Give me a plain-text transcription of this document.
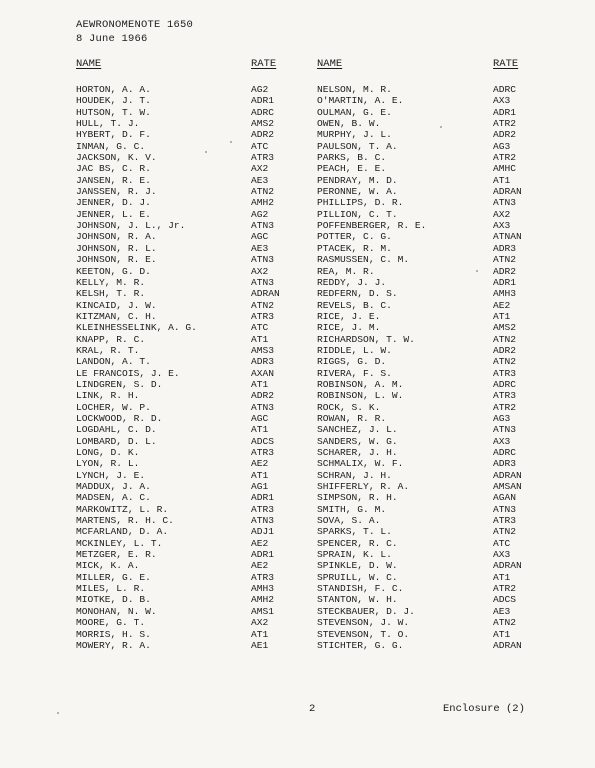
AEWRONOMENOTE 1650
8 June 1966
NAME	RATE	NAME	RATE
HORTON, A. A.	AG2	NELSON, M. R.	ADRC
HOUDEK, J. T.	ADR1	O'MARTIN, A. E.	AX3
HUTSON, T. W.	ADRC	OULMAN, G. E.	ADR1
HULL, T. J.	AMS2	OWEN, B. W.	ATR2
HYBERT, D. F.	ADR2	MURPHY, J. L.	ADR2
INMAN, G. C.	ATC	PAULSON, T. A.	AG3
JACKSON, K. V.	ATR3	PARKS, B. C.	ATR2
JAC BS, C. R.	AX2	PEACH, E. E.	AMHC
JANSEN, R. E.	AE3	PENDRAY, M. D.	AT1
JANSSEN, R. J.	ATN2	PERONNE, W. A.	ADRAN
JENNER, D. J.	AMH2	PHILLIPS, D. R.	ATN3
JENNER, L. E.	AG2	PILLION, C. T.	AX2
JOHNSON, J. L., Jr.	ATN3	POFFENBERGER, R. E.	AX3
JOHNSON, R. A.	AGC	POTTER, C. G.	ATNAN
JOHNSON, R. L.	AE3	PTACEK, R. M.	ADR3
JOHNSON, R. E.	ATN3	RASMUSSEN, C. M.	ATN2
KEETON, G. D.	AX2	REA, M. R.	ADR2
KELLY, M. R.	ATN3	REDDY, J. J.	ADR1
KELSH, T. R.	ADRAN	REDFERN, D. S.	AMH3
KINCAID, J. W.	ATN2	REVELS, B. C.	AE2
KITZMAN, C. H.	ATR3	RICE, J. E.	AT1
KLEINHESSELINK, A. G.	ATC	RICE, J. M.	AMS2
KNAPP, R. C.	AT1	RICHARDSON, T. W.	ATN2
KRAL, R. T.	AMS3	RIDDLE, L. W.	ADR2
LANDON, A. T.	ADR3	RIGGS, G. D.	ATN2
LE FRANCOIS, J. E.	AXAN	RIVERA, F. S.	ATR3
LINDGREN, S. D.	AT1	ROBINSON, A. M.	ADRC
LINK, R. H.	ADR2	ROBINSON, L. W.	ATR3
LOCHER, W. P.	ATN3	ROCK, S. K.	ATR2
LOCKWOOD, R. D.	AGC	ROWAN, R. R.	AG3
LOGDAHL, C. D.	AT1	SANCHEZ, J. L.	ATN3
LOMBARD, D. L.	ADCS	SANDERS, W. G.	AX3
LONG, D. K.	ATR3	SCHARER, J. H.	ADRC
LYON, R. L.	AE2	SCHMALIX, W. F.	ADR3
LYNCH, J. E.	AT1	SCHRAN, J. H.	ADRAN
MADDUX, J. A.	AG1	SHIFFERLY, R. A.	AMSAN
MADSEN, A. C.	ADR1	SIMPSON, R. H.	AGAN
MARKOWITZ, L. R.	ATR3	SMITH, G. M.	ATN3
MARTENS, R. H. C.	ATN3	SOVA, S. A.	ATR3
MCFARLAND, D. A.	ADJ1	SPARKS, T. L.	ATN2
MCKINLEY, L. T.	AE2	SPENCER, R. C.	ATC
METZGER, E. R.	ADR1	SPRAIN, K. L.	AX3
MICK, K. A.	AE2	SPINKLE, D. W.	ADRAN
MILLER, G. E.	ATR3	SPRUILL, W. C.	AT1
MILES, L. R.	AMH3	STANDISH, F. C.	ATR2
MIOTKE, D. B.	AMH2	STANTON, W. H.	ADCS
MONOHAN, N. W.	AMS1	STECKBAUER, D. J.	AE3
MOORE, G. T.	AX2	STEVENSON, J. W.	ATN2
MORRIS, H. S.	AT1	STEVENSON, T. O.	AT1
MOWERY, R. A.	AE1	STICHTER, G. G.	ADRAN
2	Enclosure (2)
